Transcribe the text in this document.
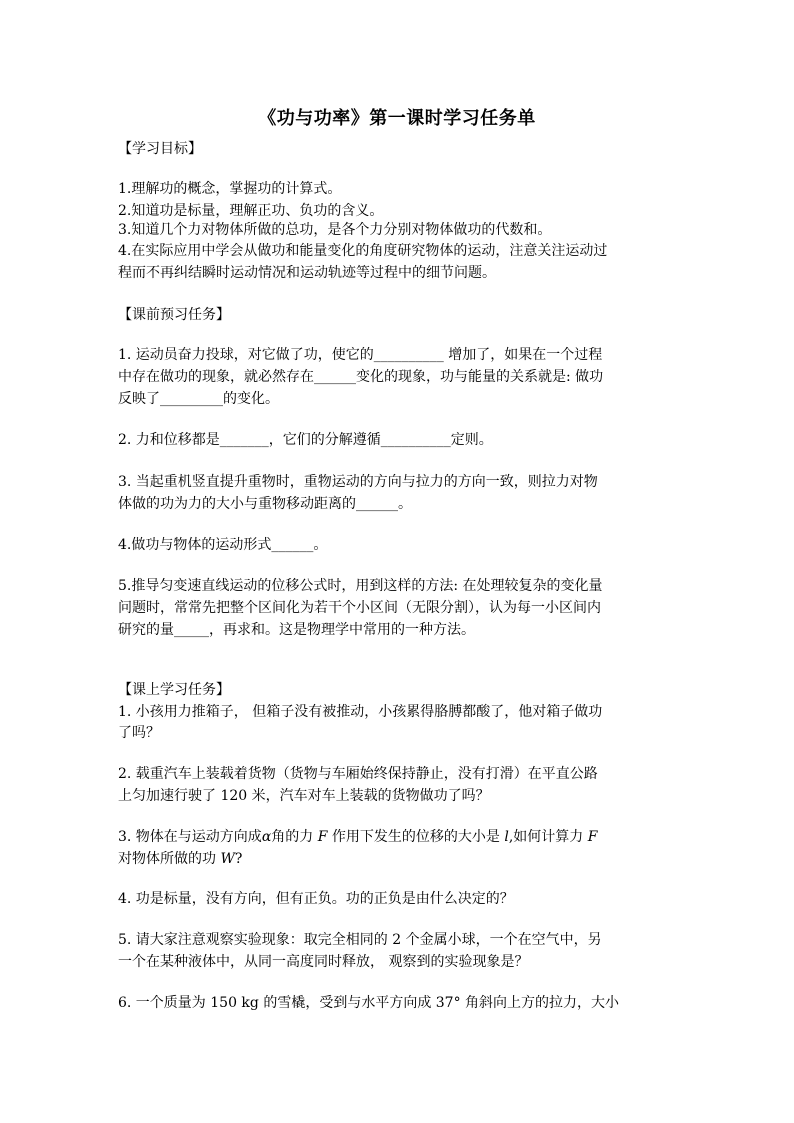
《功与功率》第一课时学习任务单
【学习目标】
1.理解功的概念，掌握功的计算式。
2.知道功是标量，理解正功、负功的含义。
3.知道几个力对物体所做的总功，是各个力分别对物体做功的代数和。
4.在实际应用中学会从做功和能量变化的角度研究物体的运动，注意关注运动过
程而不再纠结瞬时运动情况和运动轨迹等过程中的细节问题。
【课前预习任务】
1. 运动员奋力投球，对它做了功，使它的__________ 增加了，如果在一个过程
中存在做功的现象，就必然存在______变化的现象，功与能量的关系就是: 做功
反映了_________的变化。
2. 力和位移都是_______，它们的分解遵循__________定则。
3. 当起重机竖直提升重物时，重物运动的方向与拉力的方向一致，则拉力对物
体做的功为力的大小与重物移动距离的______。
4.做功与物体的运动形式______。
5.推导匀变速直线运动的位移公式时，用到这样的方法: 在处理较复杂的变化量
问题时，常常先把整个区间化为若干个小区间（无限分割），认为每一小区间内
研究的量_____，再求和。这是物理学中常用的一种方法。
【课上学习任务】
1. 小孩用力推箱子， 但箱子没有被推动，小孩累得胳膊都酸了，他对箱子做功
了吗？
2. 载重汽车上装载着货物（货物与车厢始终保持静止，没有打滑）在平直公路
上匀加速行驶了 120 米，汽车对车上装载的货物做功了吗？
3. 物体在与运动方向成α角的力 F 作用下发生的位移的大小是 l,如何计算力 F
对物体所做的功 W?
4. 功是标量，没有方向，但有正负。功的正负是由什么决定的？
5. 请大家注意观察实验现象：取完全相同的 2 个金属小球，一个在空气中，另
一个在某种液体中，从同一高度同时释放， 观察到的实验现象是？
6. 一个质量为 150 kg 的雪橇，受到与水平方向成 37° 角斜向上方的拉力，大小
